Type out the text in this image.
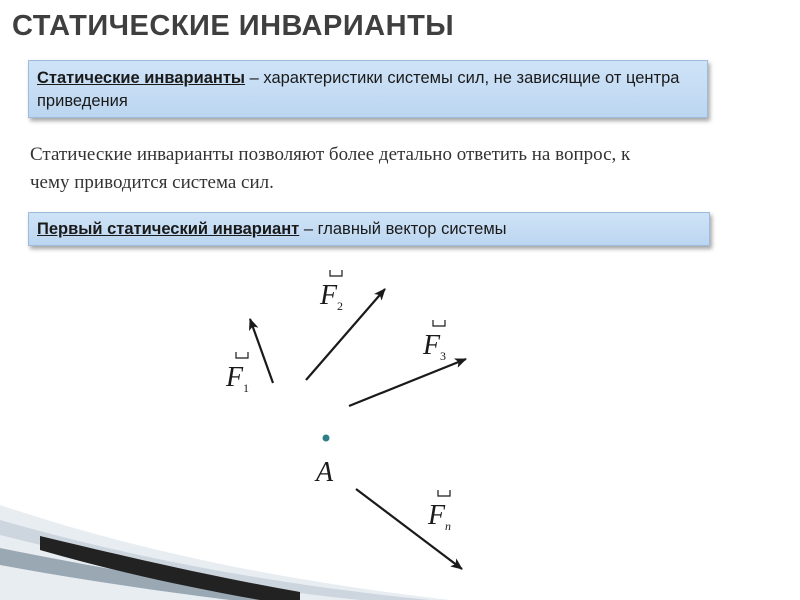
СТАТИЧЕСКИЕ ИНВАРИАНТЫ
Статические инварианты – характеристики системы сил, не зависящие от центра приведения

Статические инварианты позволяют более детально ответить на вопрос, к чему приводится система сил.

Первый статический инвариант – главный вектор системы
F 1
F 2
F 3
A
F n
